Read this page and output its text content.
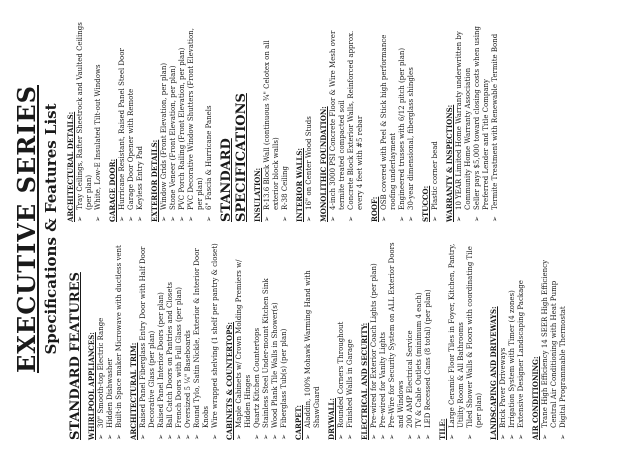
EXECUTIVE SERIES Specifications & Features List
STANDARD FEATURES WHIRLPOOL APPLIANCES: ➢
30" Smooth-top Electric Range
➢
Hidden Dishwasher
➢
Built-in Space maker Microwave with ductless vent ARCHITECTURAL TRIM: ➢
Raised Panel Fiberglass Entry Door with Half Door Decorative Glass (per plan)
➢
Raised Panel Interior Doors (per plan)
➢
Ball Catch Doors on Pantries and Closets
➢
French Doors with Full Glass (per plan)
➢
Oversized 5 ¼" Baseboards
➢
Round Tylo, Satin Nickle, Exterior & Interior Door Knobs
➢
Wire wrapped shelving (1 shelf per pantry & closet) CABINETS & COUNTERTOPS: ➢
Maple Cabinets w/ Crown Molding Premiers w/ Hidden Hinges
➢
Quartz Kitchen Countertops
➢
Stainless Steel Under-mount Kitchen Sink
➢
Wood Plank Tile Walls in Shower(s)
➢
Fiberglass Tub(s) (per plan) CARPET: ➢
Aladdin, 100% Mohawk Warming Hand with ShawGuard DRYWALL: ➢
Rounded Corners Throughout
➢
Finished Walls in Garage ELECTRICAL AND SECURITY: ➢
Pre-wired for Exterior Coach Lights (per plan)
➢
Pre-wired for Vanity Lights
➢
Pre-Wire for Security System on ALL Exterior Doors and Windows
➢
200 AMP Electrical Service
➢
TV & Cable Outlets (minimum 4 each)
➢
LED Recessed Cans (8 total) (per plan)
TILE: ➢
Large Ceramic Floor Tiles in Foyer, Kitchen, Pantry, Utility Room & All Bathrooms
➢
Tiled Shower Walls & Floors with coordinating Tile (per plan) LANDSCAPING AND DRIVEWAYS: ➢
Brick Paver Driveways
➢
Irrigation System with Timer (4 zones)
➢
Extensive Designer Landscaping Package AIR CONDITIONING: ➢
Trane High Efficiency 14 SEER High Efficiency Central Air Conditioning with Heat Pump
➢
Digital Programmable Thermostat
ARCHITECTURAL DETAILS: ➢
Tray Ceilings, Rafter Sheetrock and Vaulted Ceilings (per plan)
➢
White, Low-E Insulated Tilt-out Windows GARAGE DOOR: ➢
Hurricane Resistant, Raised Panel Steel Door
➢
Garage Door Opener with Remote
➢
Keyless Entry Pad EXTERIOR DETAILS: ➢
Window Grids (Front Elevation, per plan)
➢
Stone Veneer (Front Elevation, per plan)
➢
PVC Porch Railing (Front Elevation, per plan)
➢
PVC Decorative Window Shutters (Front Elevation, per plan)
➢
6" Fascia & Hurricane Panels STANDARD SPECIFICATIONS INSULATION: ➢
R-13.6 Block Wall (continuous ¾" Celotex on all exterior block walls)
➢
R-38 Ceiling INTERIOR WALLS: ➢
16" on Center Wood Studs MONOLITHIC FOUNDATION: ➢
4-inch 3000 PSI Concrete Floor & Wire Mesh over termite treated compacted soil
➢
Concrete Block Exterior Walls, Reinforced approx. every 4 feet with #5 rebar ROOF: ➢
OSB covered with Peel & Stick high performance roofing underlayment
➢
Engineered trusses with 6/12 pitch (per plan)
➢
30-year dimensional, fiberglass shingles STUCCO: ➢
Plastic corner bead WARRANTY & INSPECTIONS: ➢
10 YEAR Limited Home Warranty underwritten by Community Home Warranty Association
➢
Seller pays $5,000 toward closing costs when using Preferred Lender and Title Company
➢
Termite Treatment with Renewable Termite Bond
